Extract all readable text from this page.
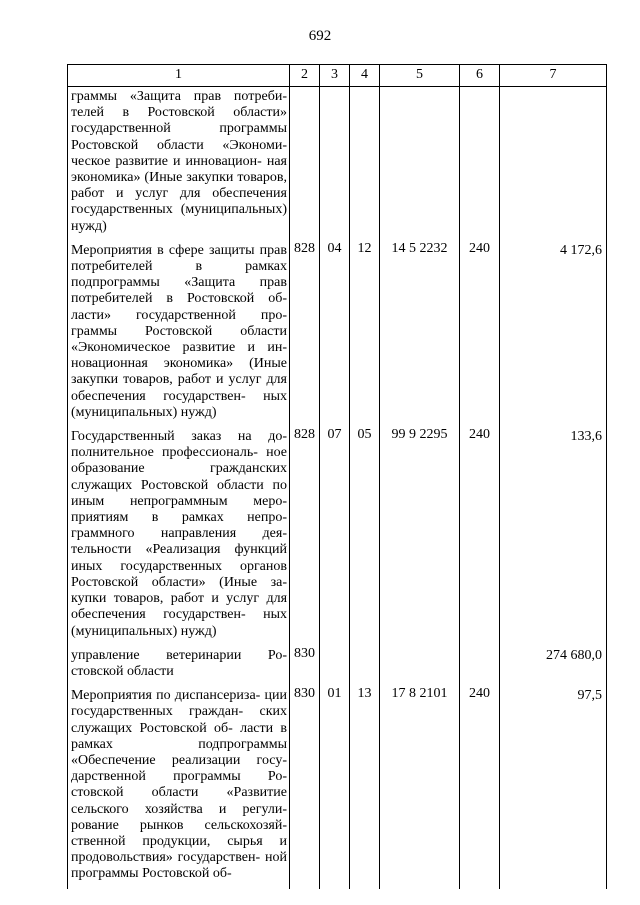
692
1	2	3	4	5	6	7
граммы «Защита прав потреби- телей в Ростовской области» государственной программы Ростовской области «Экономи- ческое развитие и инновацион- ная экономика» (Иные закупки товаров, работ и услуг для обеспечения государственных (муниципальных) нужд)						
Мероприятия в сфере защиты прав потребителей в рамках подпрограммы «Защита прав потребителей в Ростовской об- ласти» государственной про- граммы Ростовской области «Экономическое развитие и ин- новационная экономика» (Иные закупки товаров, работ и услуг для обеспечения государствен- ных (муниципальных) нужд)	828	04	12	14 5 2232	240	4 172,6
Государственный заказ на до- полнительное профессиональ- ное образование гражданских служащих Ростовской области по иным непрограммным меро- приятиям в рамках непро- граммного направления дея- тельности «Реализация функций иных государственных органов Ростовской области» (Иные за- купки товаров, работ и услуг для обеспечения государствен- ных (муниципальных) нужд)	828	07	05	99 9 2295	240	133,6
управление ветеринарии Ро- стовской области	830					274 680,0
Мероприятия по диспансериза- ции государственных граждан- ских служащих Ростовской об- ласти в рамках подпрограммы «Обеспечение реализации госу- дарственной программы Ро- стовской области «Развитие сельского хозяйства и регули- рование рынков сельскохозяй- ственной продукции, сырья и продовольствия» государствен- ной программы Ростовской об-	830	01	13	17 8 2101	240	97,5
